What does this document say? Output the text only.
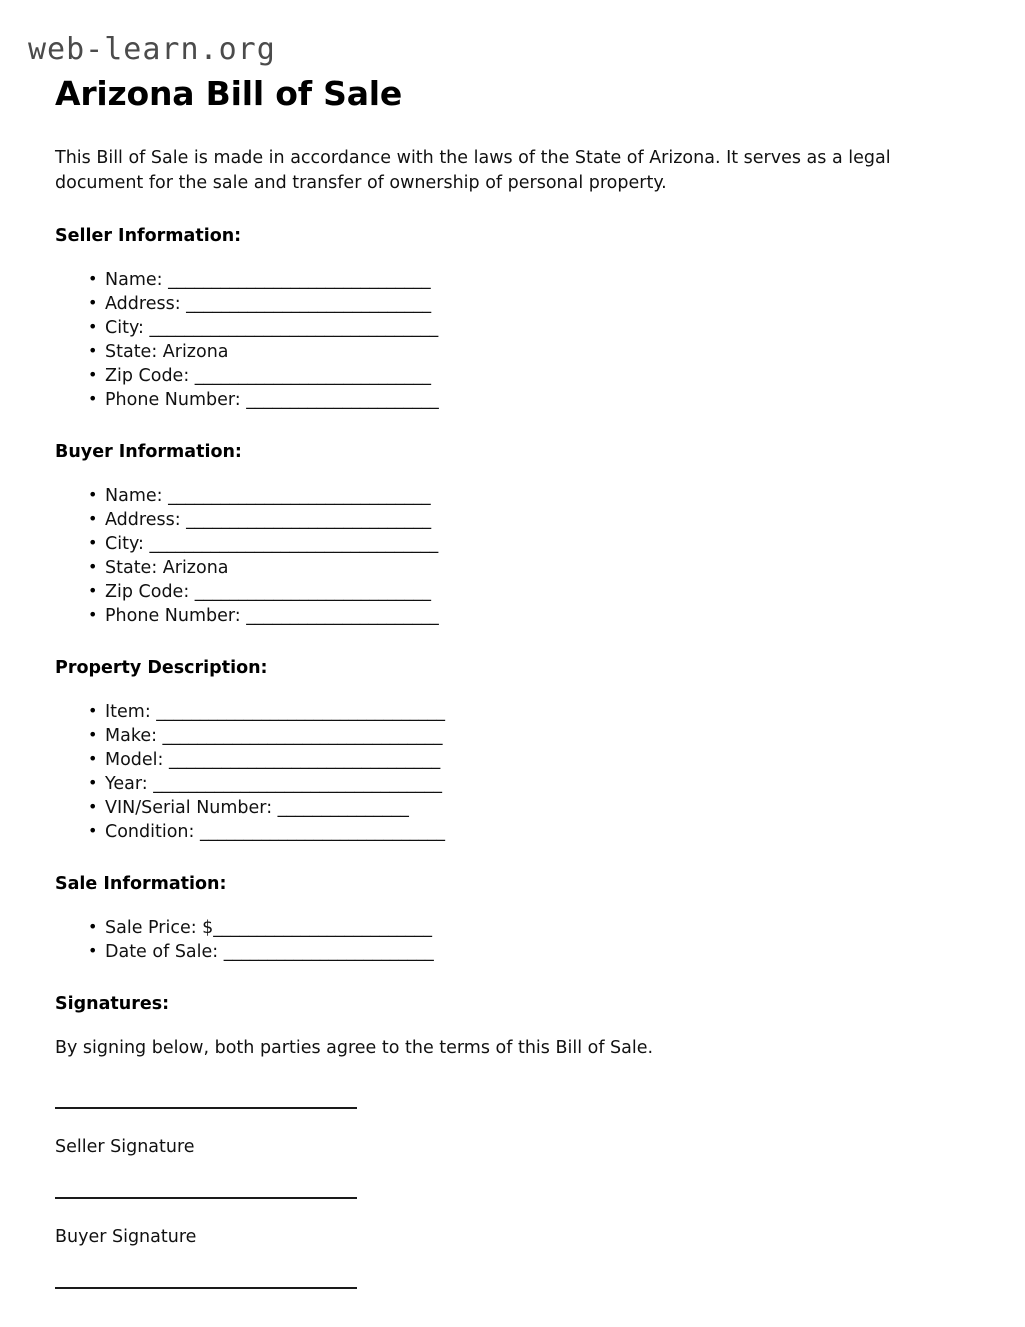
web-learn.org
Arizona Bill of Sale

This Bill of Sale is made in accordance with the laws of the State of Arizona. It serves as a legal document for the sale and transfer of ownership of personal property.

Seller Information:
• Name: ______________________________
• Address: ____________________________
• City: _________________________________
• State: Arizona
• Zip Code: ___________________________
• Phone Number: ______________________
Buyer Information:
• Name: ______________________________
• Address: ____________________________
• City: _________________________________
• State: Arizona
• Zip Code: ___________________________
• Phone Number: ______________________
Property Description:
• Item: _________________________________
• Make: ________________________________
• Model: _______________________________
• Year: _________________________________
• VIN/Serial Number: _______________
• Condition: ____________________________
Sale Information:
• Sale Price: $_________________________
• Date of Sale: ________________________
Signatures:
By signing below, both parties agree to the terms of this Bill of Sale.
Seller Signature
Buyer Signature
